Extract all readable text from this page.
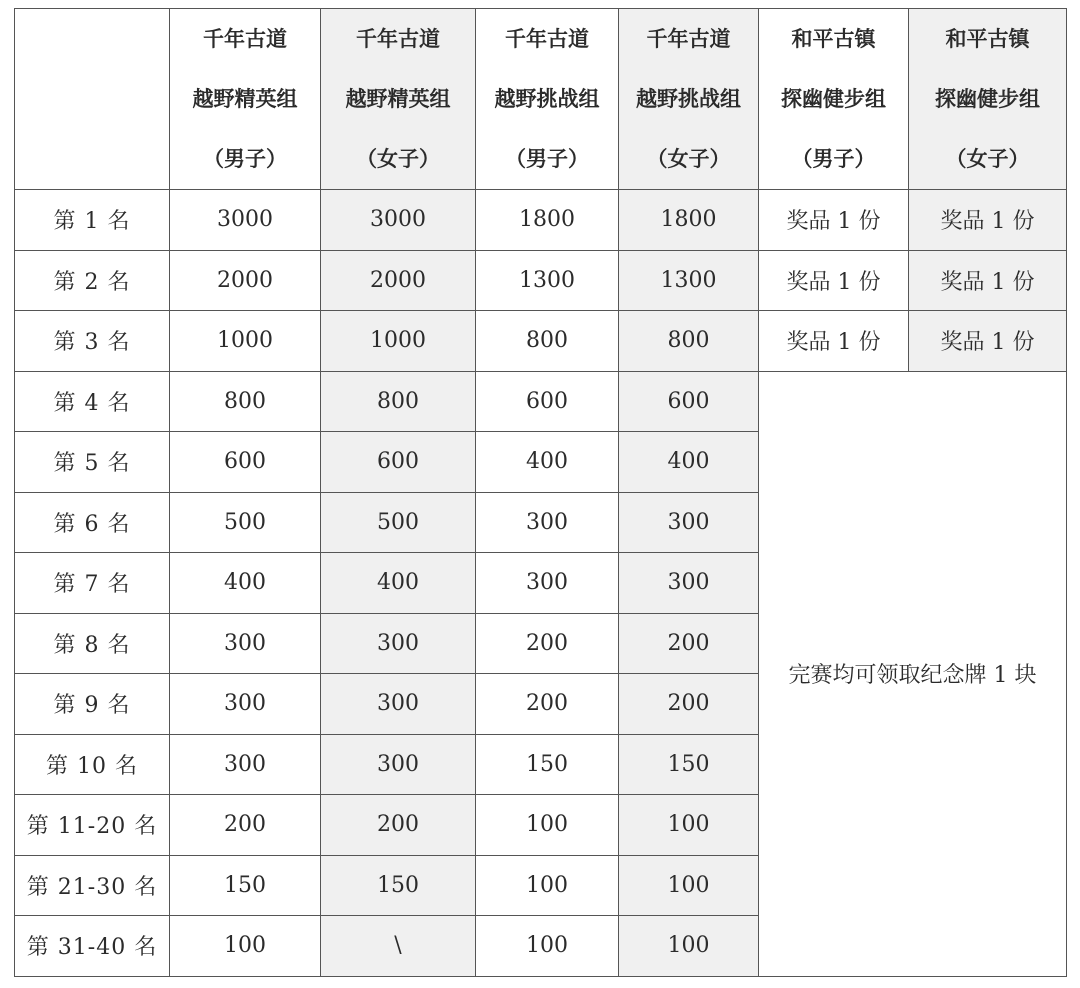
	千年古道
越野精英组
（男子）	千年古道
越野精英组
（女子）	千年古道
越野挑战组
（男子）	千年古道
越野挑战组
（女子）	和平古镇
探幽健步组
（男子）	和平古镇
探幽健步组
（女子）

第 1 名	3000	3000	1800	1800	奖品 1 份	奖品 1 份
第 2 名	2000	2000	1300	1300	奖品 1 份	奖品 1 份
第 3 名	1000	1000	800	800	奖品 1 份	奖品 1 份
第 4 名	800	800	600	600	完赛均可领取纪念牌 1 块	
第 5 名	600	600	400	400		
第 6 名	500	500	300	300		
第 7 名	400	400	300	300		
第 8 名	300	300	200	200		
第 9 名	300	300	200	200		
第 10 名	300	300	150	150		
第 11-20 名	200	200	100	100		
第 21-30 名	150	150	100	100		
第 31-40 名	100	\	100	100		
